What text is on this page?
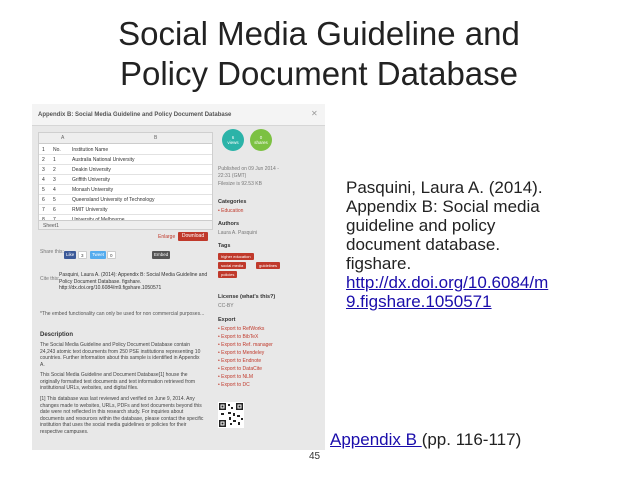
Social Media Guideline and
Policy Document Database
Appendix B: Social Media Guideline and Policy Document Database	✕
A	B
1 No. Institution Name
2 1	Australia National University
3 2	Deakin University
4 3	Griffith University
5 4	Monash University
6 5	Queensland University of Technology
7 6	RMIT University
Sheet1
Enlarge	Download
Share this: Like	3	Tweet	0	Embed
Cite this:
Pasquini, Laura A. (2014): Appendix B: Social Media Guideline and Policy Document Database. figshare. http://dx.doi.org/10.6084/m9.figshare.1050571
*The embed functionality can only be used for non commercial purposes...
Description
The Social Media Guideline and Policy Document Database contain 24,243 atomic text documents from 250 PSE institutions representing 10 countries. Further information about this sample is identified in Appendix A.
This Social Media Guideline and Document Database[1] house the originally formatted text documents and text information retrieved from institutional URLs, websites, and digital files.
[1] This database was last reviewed and verified on June 9, 2014. Any changes made to websites, URLs, PDFs and text documents beyond this date were not reflected in this research study. For inquiries about documents and resources within the database, please contact the specific institution that uses the social media guidelines or policies for their respective campuses.
6
views
0
shares
Published on 09 Jun 2014 - 22:31 (GMT)
Filesize is 92.53 KB
Categories
• Education
Authors
Laura A. Pasquini
Tags
higher education
social media	guidelines
policies
License (what's this?)
CC-BY
Export
• Export to RefWorks
• Export to BibTeX
• Export to Ref. manager
• Export to Mendeley
• Export to Endnote
• Export to DataCite
• Export to NLM
• Export to DC
Pasquini, Laura A. (2014).
Appendix B: Social media
guideline and policy
document database.
figshare.
http://dx.doi.org/10.6084/m
9.figshare.1050571
Appendix B (pp. 116-117)
45
